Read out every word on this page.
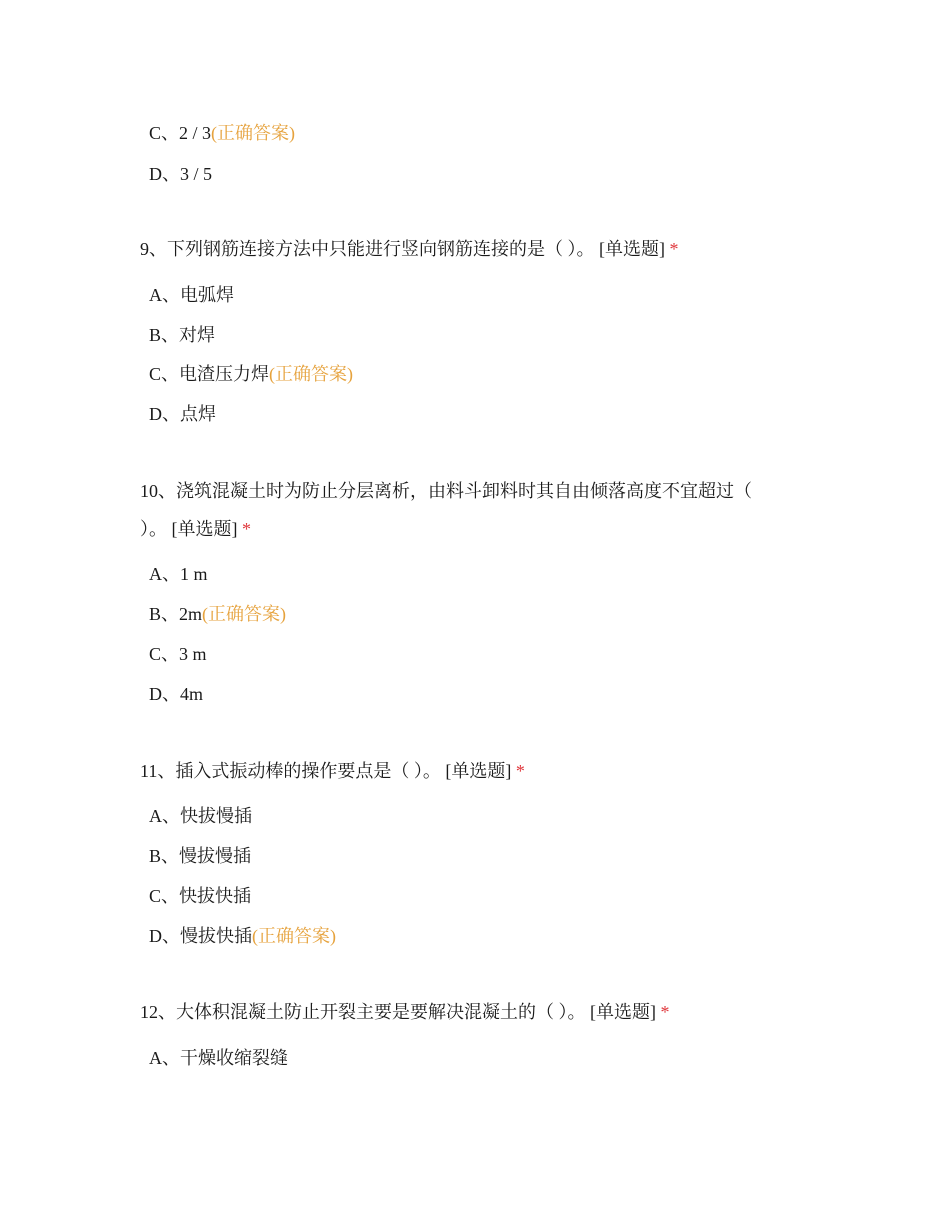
C、2 / 3(正确答案)
D、3 / 5
9、下列钢筋连接方法中只能进行竖向钢筋连接的是（ ）。 [单选题] *
A、电弧焊
B、对焊
C、电渣压力焊(正确答案)
D、点焊
10、浇筑混凝土时为防止分层离析，由料斗卸料时其自由倾落高度不宜超过（
）。 [单选题] *
A、1 m
B、2m(正确答案)
C、3 m
D、4m
11、插入式振动棒的操作要点是（ ）。 [单选题] *
A、快拔慢插
B、慢拔慢插
C、快拔快插
D、慢拔快插(正确答案)
12、大体积混凝土防止开裂主要是要解决混凝土的（ ）。 [单选题] *
A、干燥收缩裂缝
